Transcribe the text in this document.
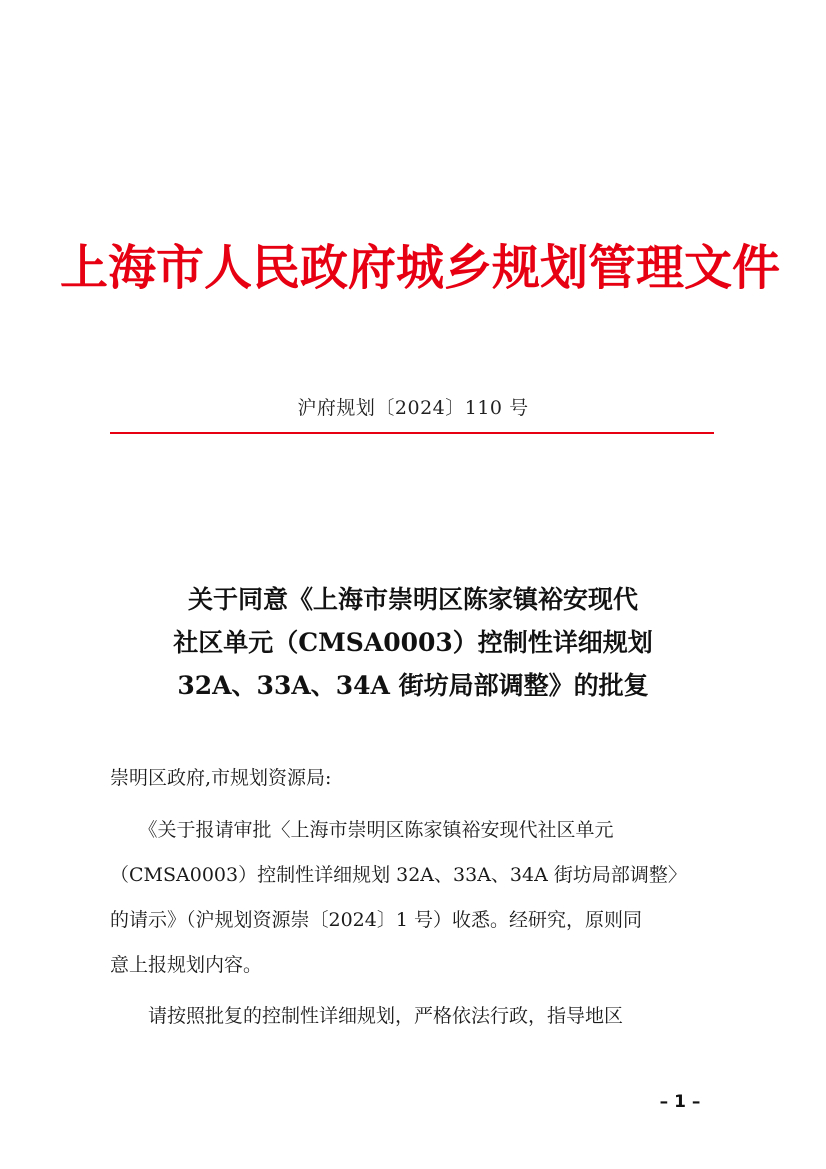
上海市人民政府城乡规划管理文件
沪府规划〔2024〕110 号
关于同意《上海市崇明区陈家镇裕安现代
社区单元（CMSA0003）控制性详细规划
32A、33A、34A 街坊局部调整》的批复
崇明区政府,市规划资源局:
　　《关于报请审批〈上海市崇明区陈家镇裕安现代社区单元
（CMSA0003）控制性详细规划 32A、33A、34A 街坊局部调整〉
的请示》（沪规划资源崇〔2024〕1 号）收悉。经研究，原则同
意上报规划内容。
　　请按照批复的控制性详细规划，严格依法行政，指导地区
– 1 –
